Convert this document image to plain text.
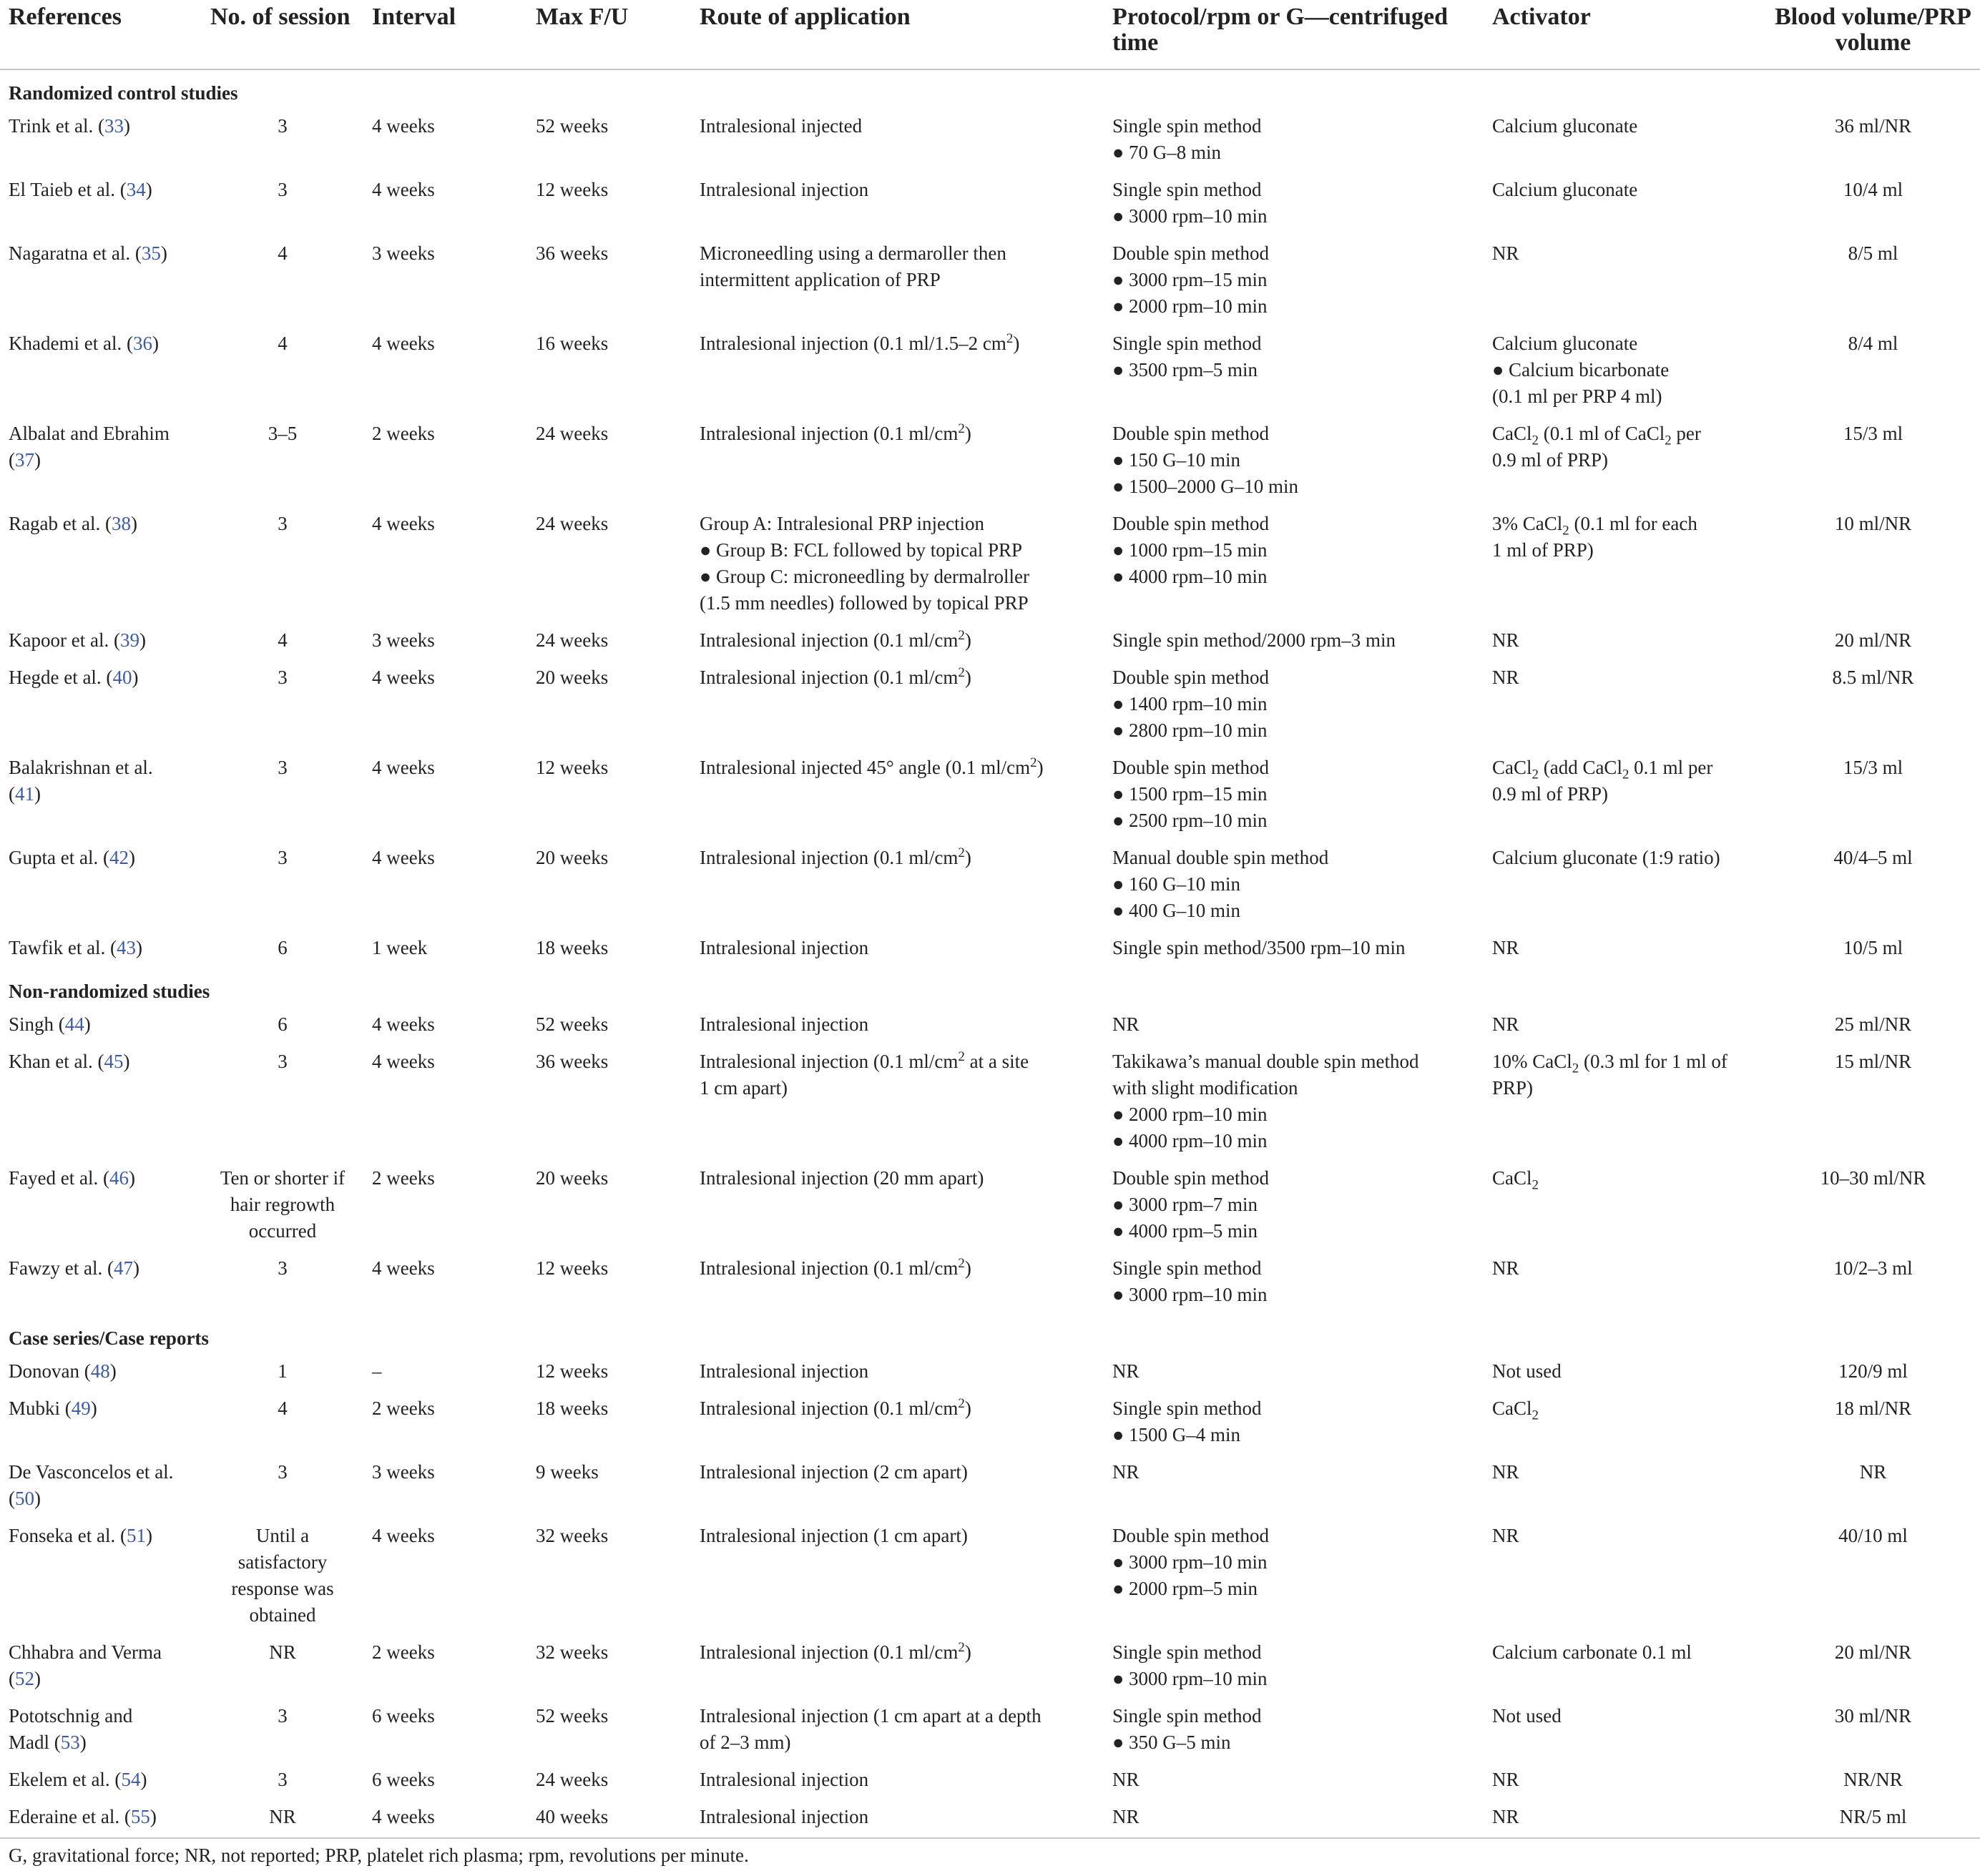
References	No. of session	Interval	Max F/U	Route of application	Protocol/rpm or G—centrifuged time	Activator	Blood volume/PRP volume
Randomized control studies							

Trink et al. (33)	3	4 weeks	52 weeks	Intralesional injected	Single spin method
● 70 G–8 min	Calcium gluconate	36 ml/NR

El Taieb et al. (34)	3	4 weeks	12 weeks	Intralesional injection	Single spin method
● 3000 rpm–10 min	Calcium gluconate	10/4 ml

Nagaratna et al. (35)	4	3 weeks	36 weeks	Microneedling using a dermaroller then
intermittent application of PRP	Double spin method
● 3000 rpm–15 min
● 2000 rpm–10 min	NR	8/5 ml

Khademi et al. (36)	4	4 weeks	16 weeks	Intralesional injection (0.1 ml/1.5–2 $cm^2$)	Single spin method
● 3500 rpm–5 min	Calcium gluconate
● Calcium bicarbonate
(0.1 ml per PRP 4 ml)	8/4 ml

Albalat and Ebrahim
(37)	3–5	2 weeks	24 weeks	Intralesional injection (0.1 $ml/cm^2$)	Double spin method
● 150 G–10 min
● 1500–2000 G–10 min	CaCl$_2$ (0.1 ml of CaCl$_2$ per
0.9 ml of PRP)	15/3 ml

Ragab et al. (38)	3	4 weeks	24 weeks	Group A: Intralesional PRP injection
● Group B: FCL followed by topical PRP
● Group C: microneedling by dermalroller
(1.5 mm needles) followed by topical PRP	Double spin method
● 1000 rpm–15 min
● 4000 rpm–10 min	3% CaCl$_2$ (0.1 ml for each
1 ml of PRP)	10 ml/NR

Kapoor et al. (39)	4	3 weeks	24 weeks	Intralesional injection (0.1 $ml/cm^2$)	Single spin method/2000 rpm–3 min	NR	20 ml/NR

Hegde et al. (40)	3	4 weeks	20 weeks	Intralesional injection (0.1 $ml/cm^2$)	Double spin method
● 1400 rpm–10 min
● 2800 rpm–10 min	NR	8.5 ml/NR

Balakrishnan et al.
(41)	3	4 weeks	12 weeks	Intralesional injected 45° angle (0.1 $ml/cm^2$)	Double spin method
● 1500 rpm–15 min
● 2500 rpm–10 min	CaCl$_2$ (add CaCl$_2$ 0.1 ml per
0.9 ml of PRP)	15/3 ml

Gupta et al. (42)	3	4 weeks	20 weeks	Intralesional injection (0.1 $ml/cm^2$)	Manual double spin method
● 160 G–10 min
● 400 G–10 min	Calcium gluconate (1:9 ratio)	40/4–5 ml

Tawfik et al. (43)	6	1 week	18 weeks	Intralesional injection	Single spin method/3500 rpm–10 min	NR	10/5 ml
Non-randomized studies							

Singh (44)	6	4 weeks	52 weeks	Intralesional injection	NR	NR	25 ml/NR

Khan et al. (45)	3	4 weeks	36 weeks	Intralesional injection (0.1 $ml/cm^2$ at a site
1 cm apart)	Takikawa’s manual double spin method
with slight modification
● 2000 rpm–10 min
● 4000 rpm–10 min	10% CaCl$_2$ (0.3 ml for 1 ml of
PRP)	15 ml/NR

Fayed et al. (46)	Ten or shorter if
hair regrowth
occurred	2 weeks	20 weeks	Intralesional injection (20 mm apart)	Double spin method
● 3000 rpm–7 min
● 4000 rpm–5 min	CaCl$_2$	10–30 ml/NR

Fawzy et al. (47)	3	4 weeks	12 weeks	Intralesional injection (0.1 $ml/cm^2$)	Single spin method
● 3000 rpm–10 min	NR	10/2–3 ml
Case series/Case reports							

Donovan (48)	1	–	12 weeks	Intralesional injection	NR	Not used	120/9 ml

Mubki (49)	4	2 weeks	18 weeks	Intralesional injection (0.1 $ml/cm^2$)	Single spin method
● 1500 G–4 min	CaCl$_2$	18 ml/NR

De Vasconcelos et al.
(50)	3	3 weeks	9 weeks	Intralesional injection (2 cm apart)	NR	NR	NR

Fonseka et al. (51)	Until a
satisfactory
response was
obtained	4 weeks	32 weeks	Intralesional injection (1 cm apart)	Double spin method
● 3000 rpm–10 min
● 2000 rpm–5 min	NR	40/10 ml

Chhabra and Verma
(52)	NR	2 weeks	32 weeks	Intralesional injection (0.1 $ml/cm^2$)	Single spin method
● 3000 rpm–10 min	Calcium carbonate 0.1 ml	20 ml/NR

Pototschnig and
Madl (53)	3	6 weeks	52 weeks	Intralesional injection (1 cm apart at a depth
of 2–3 mm)	Single spin method
● 350 G–5 min	Not used	30 ml/NR

Ekelem et al. (54)	3	6 weeks	24 weeks	Intralesional injection	NR	NR	NR/NR

Ederaine et al. (55)	NR	4 weeks	40 weeks	Intralesional injection	NR	NR	NR/5 ml
G, gravitational force; NR, not reported; PRP, platelet rich plasma; rpm, revolutions per minute.							
